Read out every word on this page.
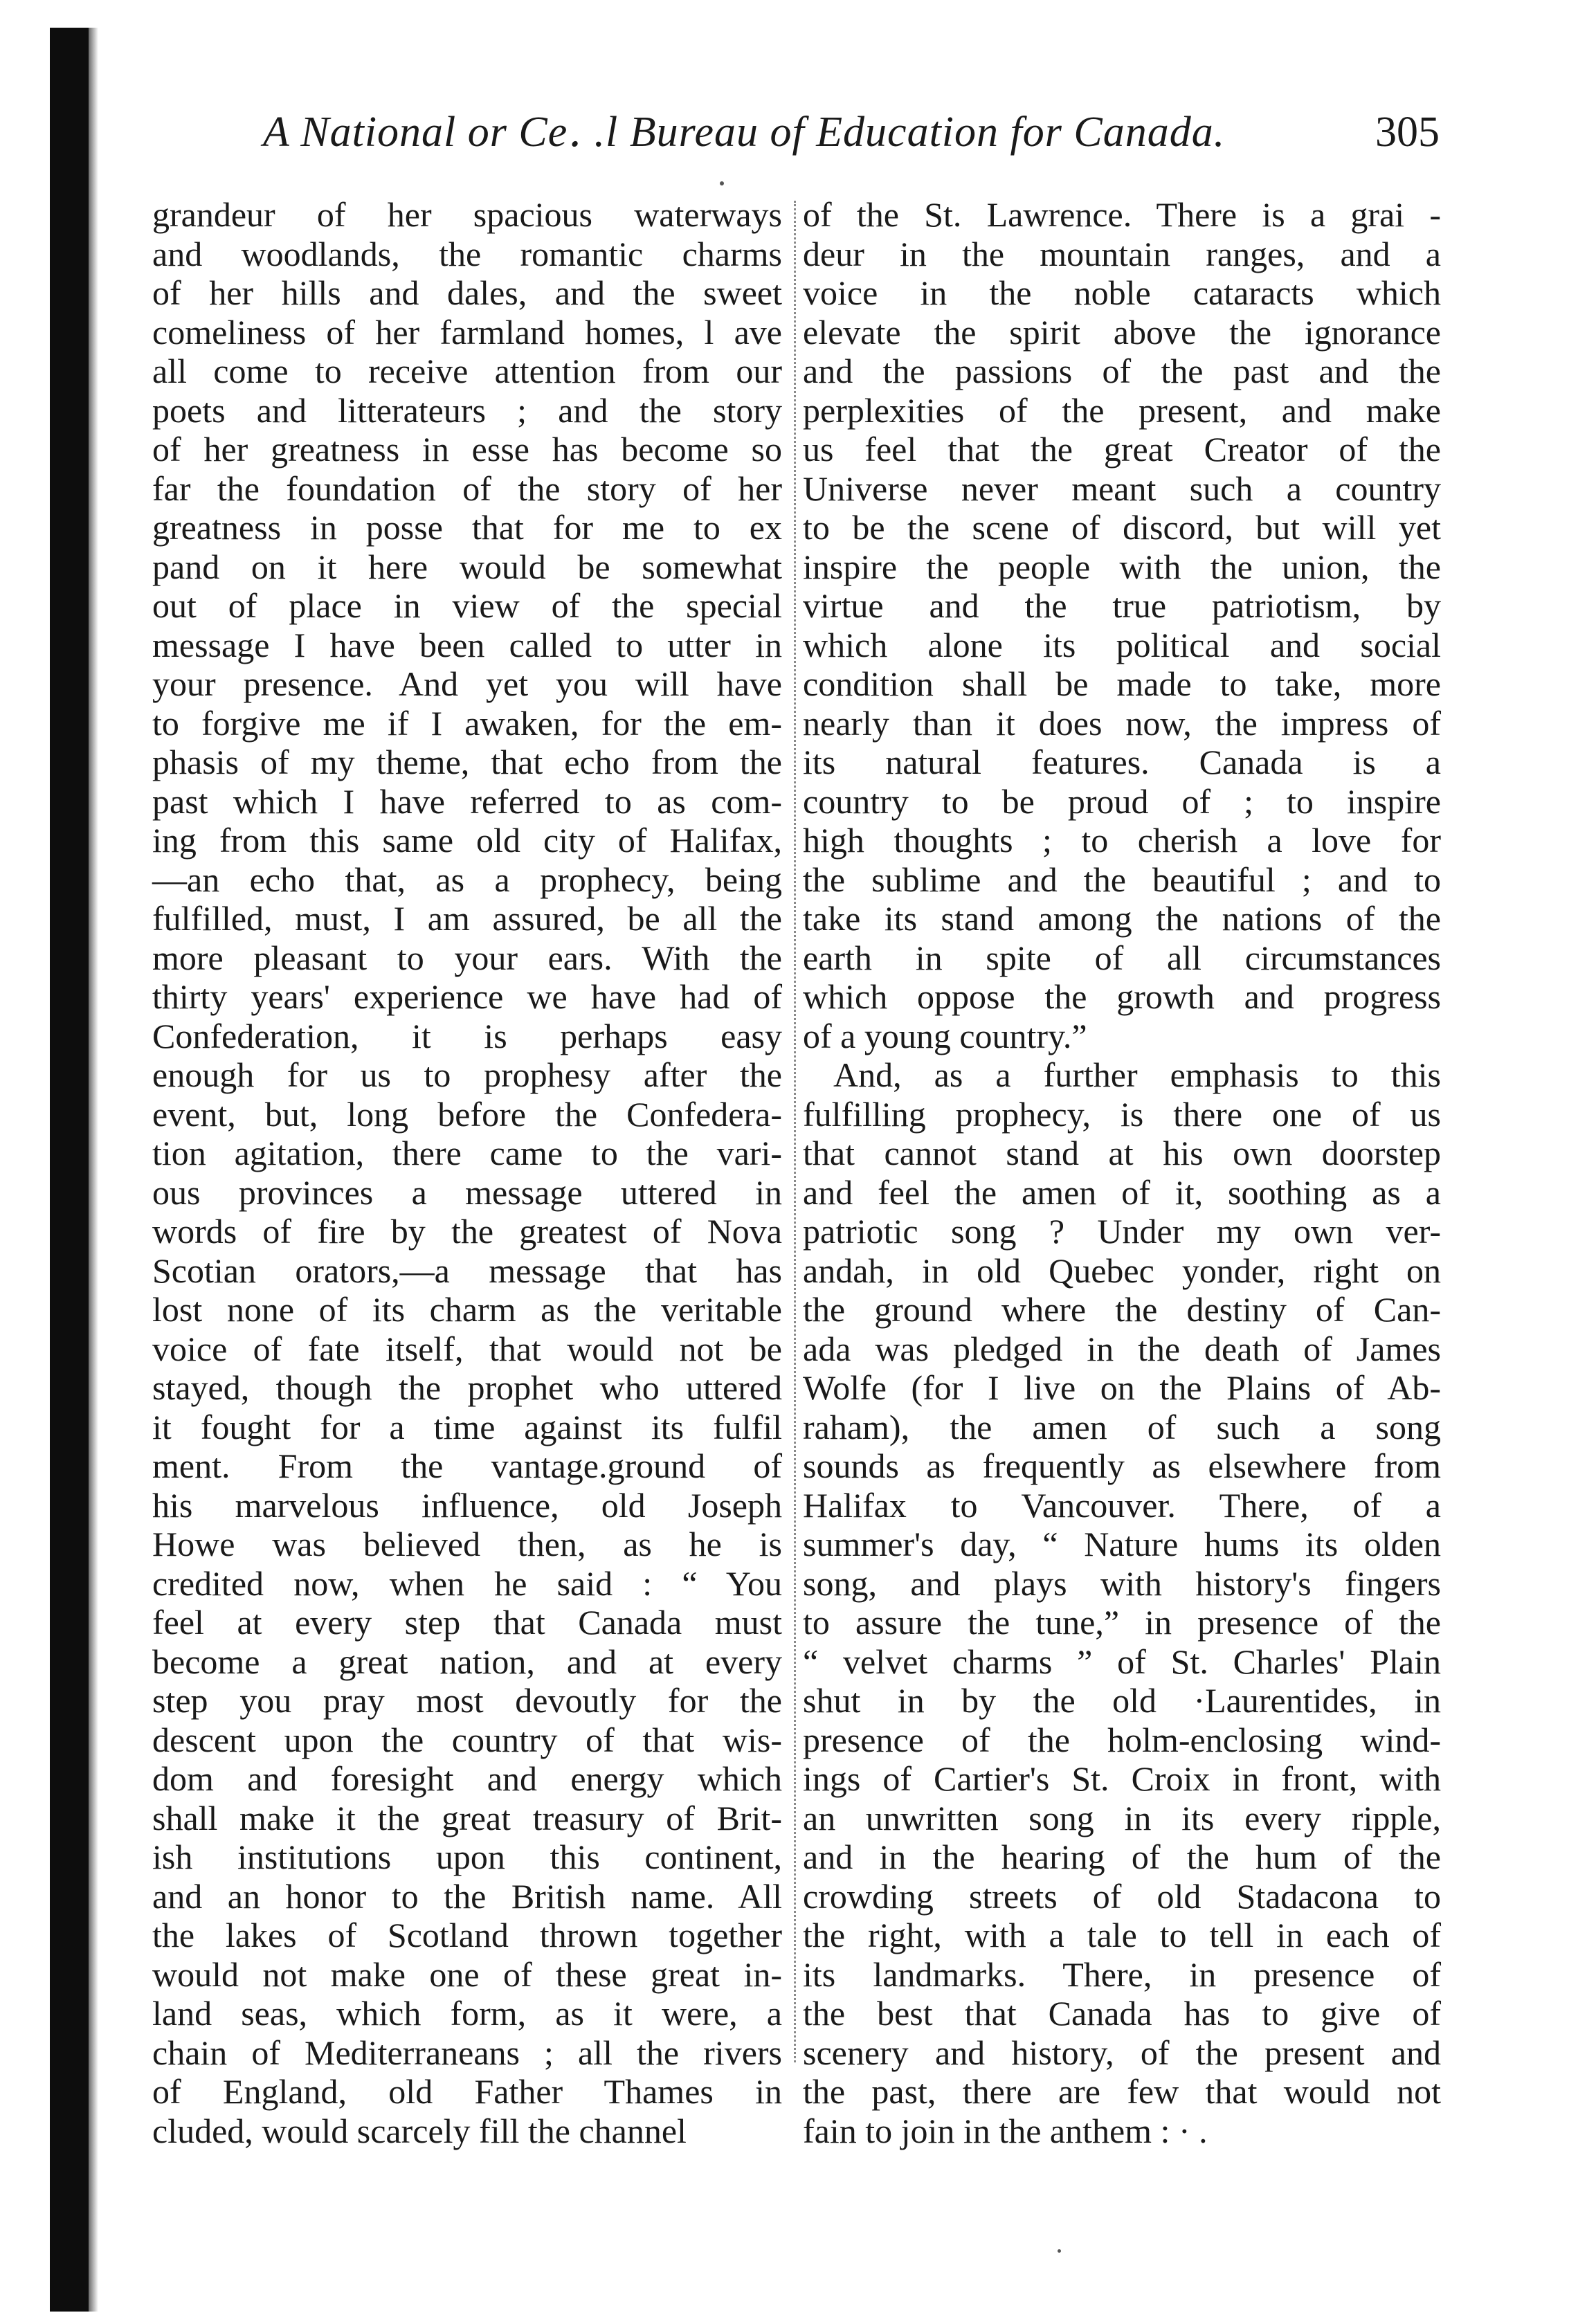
A National or Ce․ .l Bureau of Education for Canada.	305
grandeur of her spacious waterways
and woodlands, the romantic charms
of her hills and dales, and the sweet
comeliness of her farmland homes, l ave
all come to receive attention from our
poets and litterateurs ; and the story
of her greatness in esse has become so
far the foundation of the story of her
greatness in posse that for me to ex
pand on it here would be somewhat
out of place in view of the special
message I have been called to utter in
your presence. And yet you will have
to forgive me if I awaken, for the em-
phasis of my theme, that echo from the
past which I have referred to as com-
ing from this same old city of Halifax,
—an echo that, as a prophecy, being
fulfilled, must, I am assured, be all the
more pleasant to your ears. With the
thirty years' experience we have had of
Confederation, it is perhaps easy
enough for us to prophesy after the
event, but, long before the Confedera-
tion agitation, there came to the vari-
ous provinces a message uttered in
words of fire by the greatest of Nova
Scotian orators,—a message that has
lost none of its charm as the veritable
voice of fate itself, that would not be
stayed, though the prophet who uttered
it fought for a time against its fulfil
ment. From the vantage.ground of
his marvelous influence, old Joseph
Howe was believed then, as he is
credited now, when he said : “ You
feel at every step that Canada must
become a great nation, and at every
step you pray most devoutly for the
descent upon the country of that wis-
dom and foresight and energy which
shall make it the great treasury of Brit-
ish institutions upon this continent,
and an honor to the British name. All
the lakes of Scotland thrown together
would not make one of these great in-
land seas, which form, as it were, a
chain of Mediterraneans ; all the rivers
of England, old Father Thames in
cluded, would scarcely fill the channel
of the St. Lawrence. There is a grai -
deur in the mountain ranges, and a
voice in the noble cataracts which
elevate the spirit above the ignorance
and the passions of the past and the
perplexities of the present, and make
us feel that the great Creator of the
Universe never meant such a country
to be the scene of discord, but will yet
inspire the people with the union, the
virtue and the true patriotism, by
which alone its political and social
condition shall be made to take, more
nearly than it does now, the impress of
its natural features. Canada is a
country to be proud of ; to inspire
high thoughts ; to cherish a love for
the sublime and the beautiful ; and to
take its stand among the nations of the
earth in spite of all circumstances
which oppose the growth and progress
of a young country.”
And, as a further emphasis to this
fulfilling prophecy, is there one of us
that cannot stand at his own doorstep
and feel the amen of it, soothing as a
patriotic song ? Under my own ver-
andah, in old Quebec yonder, right on
the ground where the destiny of Can-
ada was pledged in the death of James
Wolfe (for I live on the Plains of Ab-
raham), the amen of such a song
sounds as frequently as elsewhere from
Halifax to Vancouver. There, of a
summer's day, “ Nature hums its olden
song, and plays with history's fingers
to assure the tune,” in presence of the
“ velvet charms ” of St. Charles' Plain
shut in by the old ·Laurentides, in
presence of the holm-enclosing wind-
ings of Cartier's St. Croix in front, with
an unwritten song in its every ripple,
and in the hearing of the hum of the
crowding streets of old Stadacona to
the right, with a tale to tell in each of
its landmarks. There, in presence of
the best that Canada has to give of
scenery and history, of the present and
the past, there are few that would not
fain to join in the anthem : · .
